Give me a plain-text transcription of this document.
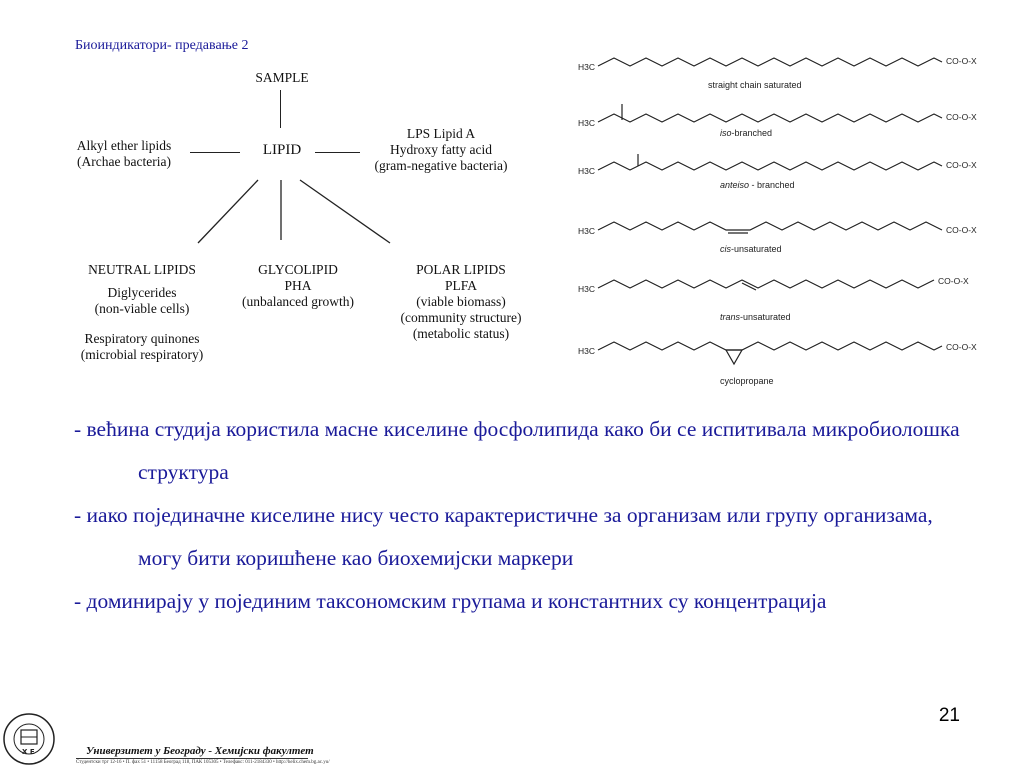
Биоиндикатори- предавање 2
SAMPLE
LIPID
Alkyl ether lipids
(Archae bacteria)
LPS Lipid A
Hydroxy fatty acid
(gram-negative bacteria)
NEUTRAL LIPIDS
Diglycerides
(non-viable cells)
Respiratory quinones
(microbial respiratory)
GLYCOLIPID
PHA
(unbalanced growth)
POLAR LIPIDS
PLFA
(viable biomass)
(community structure)
(metabolic status)
H3C
CO-O-X
straight chain saturated
H3C
CO-O-X
iso-branched
H3C
CO-O-X
anteiso - branched
H3C	CO-O-X
cis-unsaturated
H3C
CO-O-X
trans-unsaturated
H3C	CO-O-X
cyclopropane
- већина студија користила масне киселине фосфолипида како би се испитивала микробиолошка структура
- иако појединачне киселине нису често карактеристичне за организам или групу организама, могу бити коришћене као биохемијски маркери
- доминирају у појединим таксономским групама и константних су концентрација
21
Х Е	Универзитет у Београду - Хемијски факултет
Студентски трг 12-16 • П. фах 51 • 11158 Београд 118, ПАК 105305 • Телефакс: 011-2184330 • http://helix.chem.bg.ac.yu/
